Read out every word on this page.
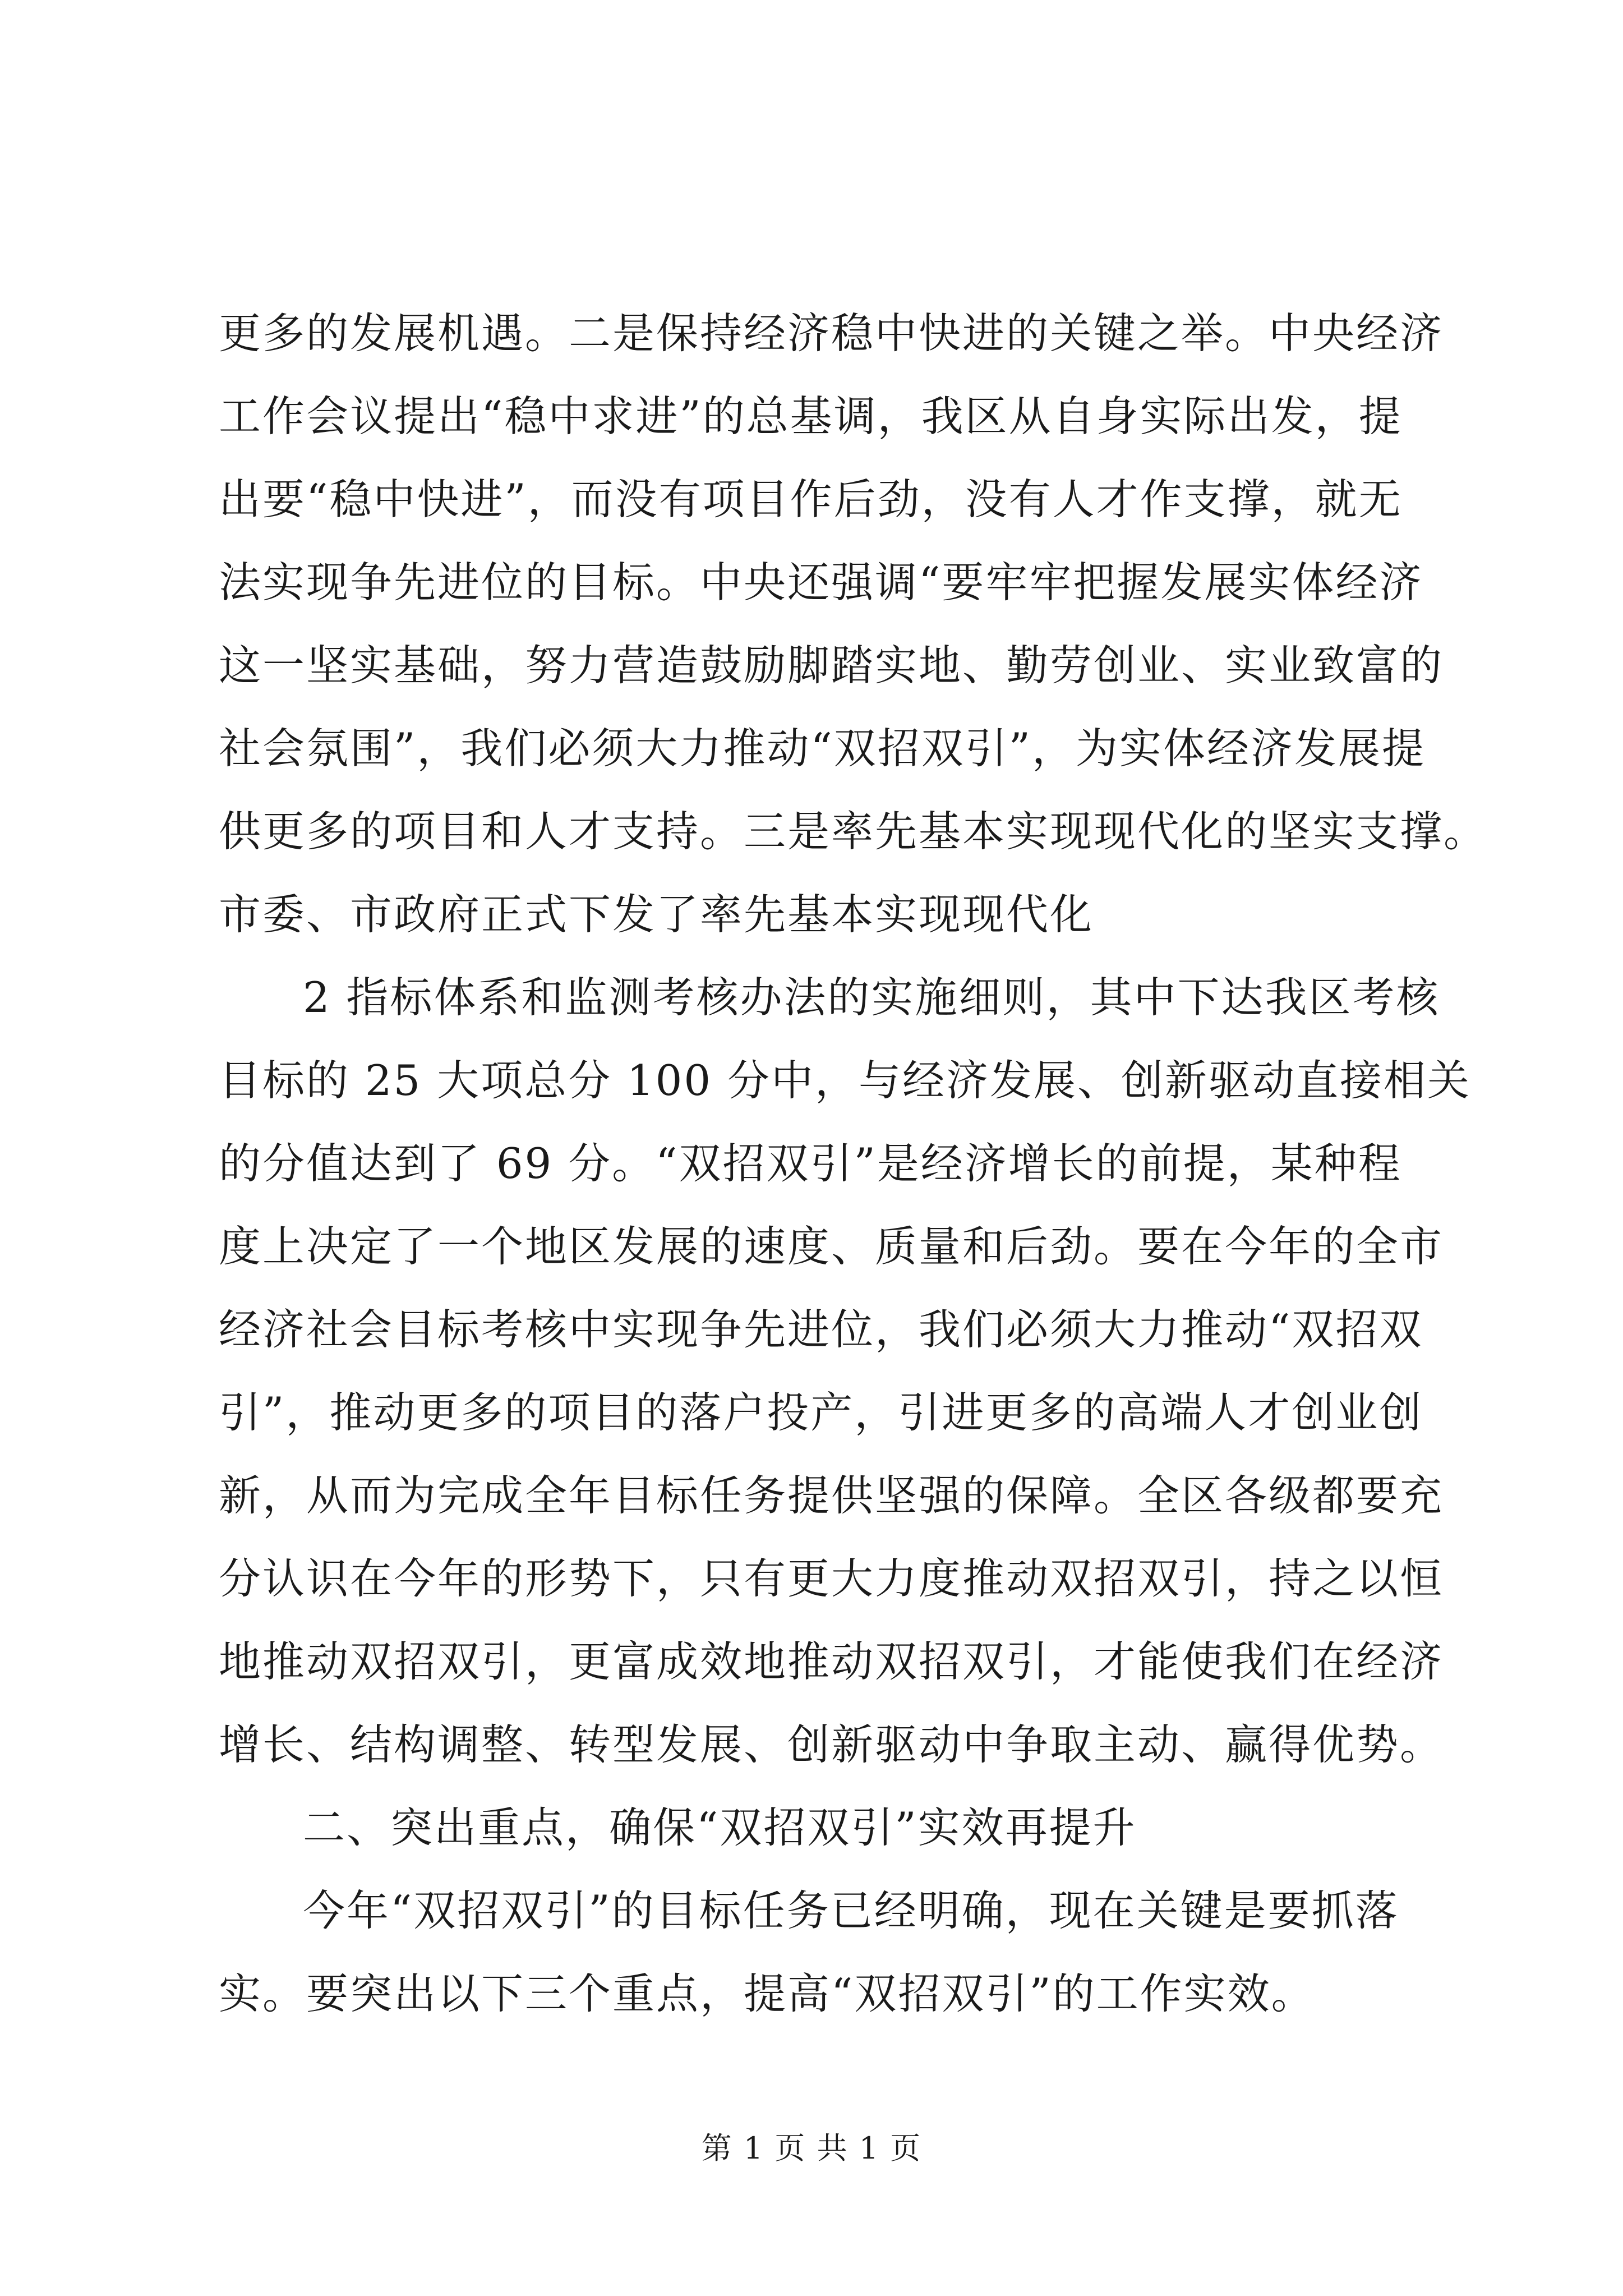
更多的发展机遇。二是保持经济稳中快进的关键之举。中央经济
工作会议提出“稳中求进”的总基调，我区从自身实际出发，提
出要“稳中快进”，而没有项目作后劲，没有人才作支撑，就无
法实现争先进位的目标。中央还强调“要牢牢把握发展实体经济
这一坚实基础，努力营造鼓励脚踏实地、勤劳创业、实业致富的
社会氛围”，我们必须大力推动“双招双引”，为实体经济发展提
供更多的项目和人才支持。三是率先基本实现现代化的坚实支撑。
市委、市政府正式下发了率先基本实现现代化
2 指标体系和监测考核办法的实施细则，其中下达我区考核
目标的 25 大项总分 100 分中，与经济发展、创新驱动直接相关
的分值达到了 69 分。“双招双引”是经济增长的前提，某种程
度上决定了一个地区发展的速度、质量和后劲。要在今年的全市
经济社会目标考核中实现争先进位，我们必须大力推动“双招双
引”，推动更多的项目的落户投产，引进更多的高端人才创业创
新，从而为完成全年目标任务提供坚强的保障。全区各级都要充
分认识在今年的形势下，只有更大力度推动双招双引，持之以恒
地推动双招双引，更富成效地推动双招双引，才能使我们在经济
增长、结构调整、转型发展、创新驱动中争取主动、赢得优势。
二、突出重点，确保“双招双引”实效再提升
今年“双招双引”的目标任务已经明确，现在关键是要抓落
实。要突出以下三个重点，提高“双招双引”的工作实效。
第 1 页 共 1 页
